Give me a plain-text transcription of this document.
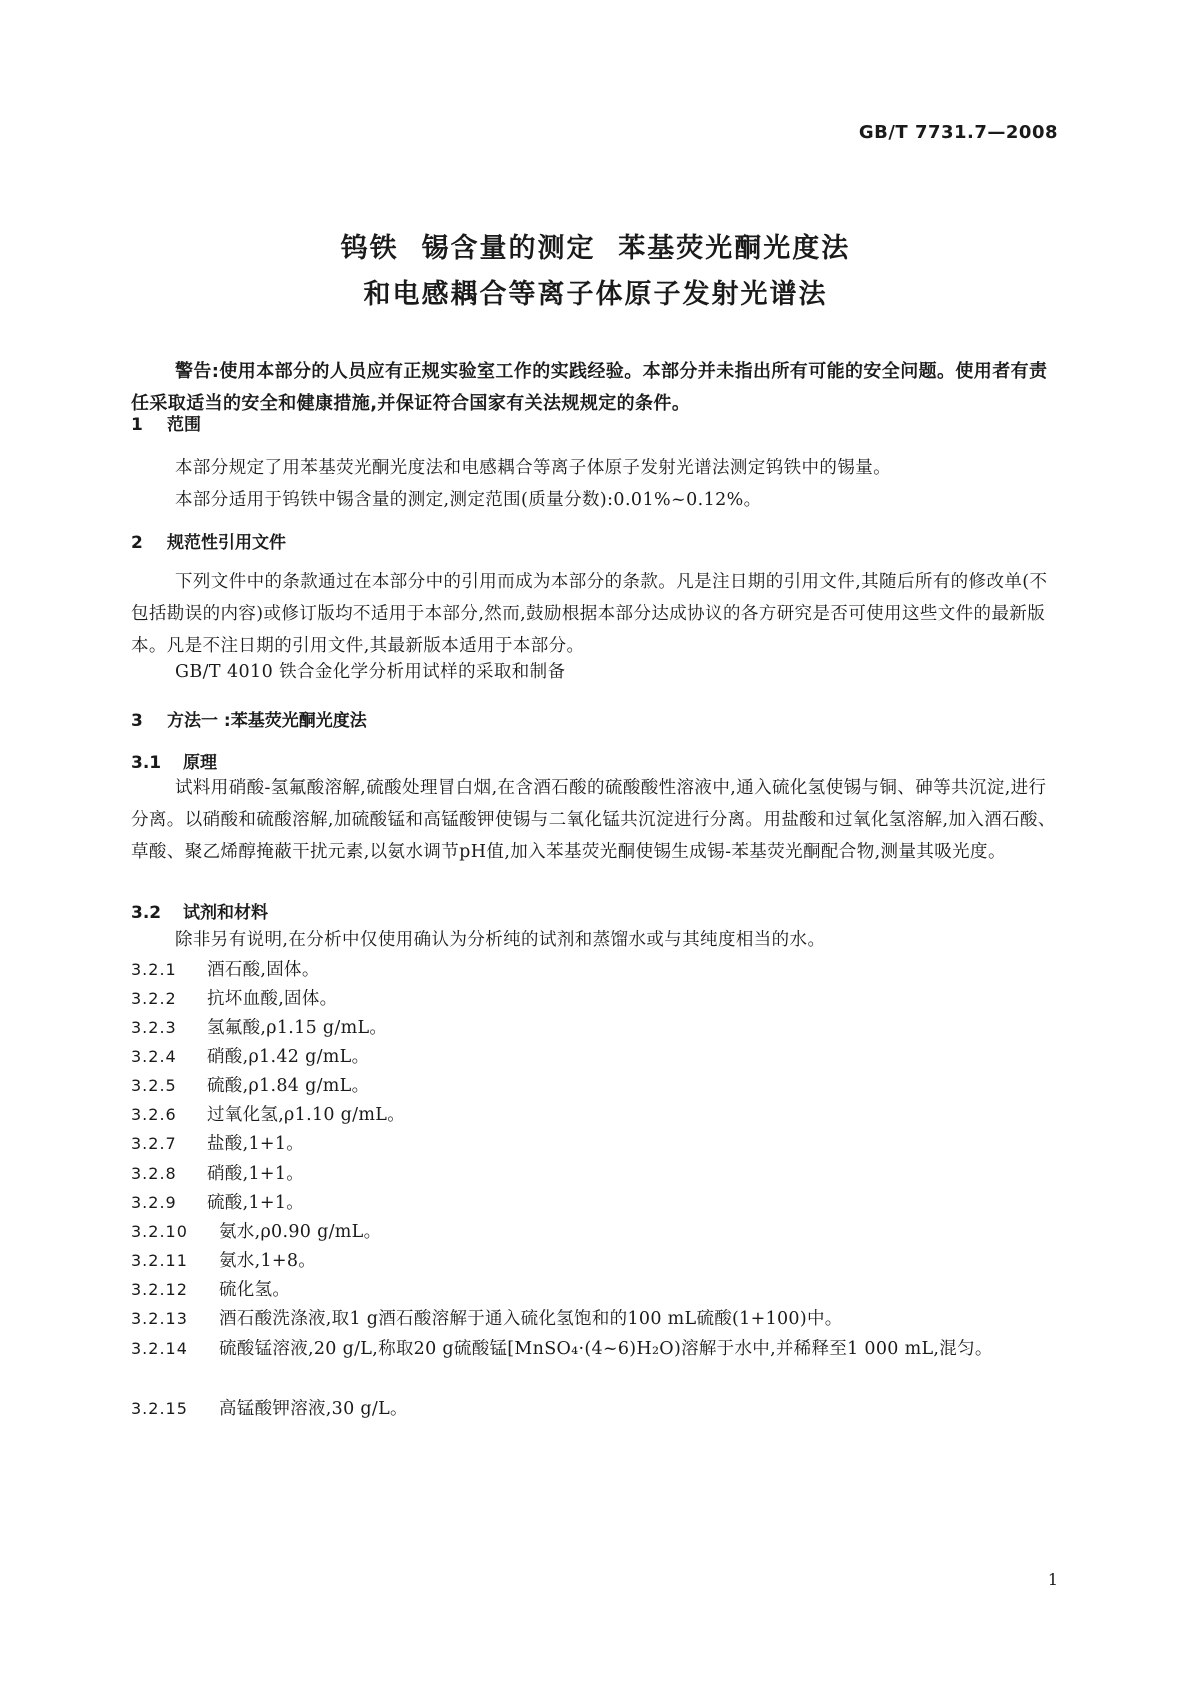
GB/T 7731.7—2008
钨铁  锡含量的测定  苯基荧光酮光度法
和电感耦合等离子体原子发射光谱法
警告:使用本部分的人员应有正规实验室工作的实践经验。本部分并未指出所有可能的安全问题。使用者有责任采取适当的安全和健康措施,并保证符合国家有关法规规定的条件。
1 范围
本部分规定了用苯基荧光酮光度法和电感耦合等离子体原子发射光谱法测定钨铁中的锡量。
本部分适用于钨铁中锡含量的测定,测定范围(质量分数):0.01%~0.12%。
2 规范性引用文件
下列文件中的条款通过在本部分中的引用而成为本部分的条款。凡是注日期的引用文件,其随后所有的修改单(不包括勘误的内容)或修订版均不适用于本部分,然而,鼓励根据本部分达成协议的各方研究是否可使用这些文件的最新版本。凡是不注日期的引用文件,其最新版本适用于本部分。
GB/T 4010 铁合金化学分析用试样的采取和制备
3 方法一 :苯基荧光酮光度法
3.1 原理
试料用硝酸-氢氟酸溶解,硫酸处理冒白烟,在含酒石酸的硫酸酸性溶液中,通入硫化氢使锡与铜、砷等共沉淀,进行分离。以硝酸和硫酸溶解,加硫酸锰和高锰酸钾使锡与二氧化锰共沉淀进行分离。用盐酸和过氧化氢溶解,加入酒石酸、草酸、聚乙烯醇掩蔽干扰元素,以氨水调节pH值,加入苯基荧光酮使锡生成锡-苯基荧光酮配合物,测量其吸光度。
3.2 试剂和材料
除非另有说明,在分析中仅使用确认为分析纯的试剂和蒸馏水或与其纯度相当的水。
3.2.1 酒石酸,固体。
3.2.2 抗坏血酸,固体。
3.2.3 氢氟酸,ρ1.15 g/mL。
3.2.4 硝酸,ρ1.42 g/mL。
3.2.5 硫酸,ρ1.84 g/mL。
3.2.6 过氧化氢,ρ1.10 g/mL。
3.2.7 盐酸,1+1。
3.2.8 硝酸,1+1。
3.2.9 硫酸,1+1。
3.2.10 氨水,ρ0.90 g/mL。
3.2.11 氨水,1+8。
3.2.12 硫化氢。
3.2.13 酒石酸洗涤液,取1 g酒石酸溶解于通入硫化氢饱和的100 mL硫酸(1+100)中。
3.2.14 硫酸锰溶液,20 g/L,称取20 g硫酸锰[MnSO₄·(4~6)H₂O)溶解于水中,并稀释至1 000 mL,混匀。
3.2.15 高锰酸钾溶液,30 g/L。
1
